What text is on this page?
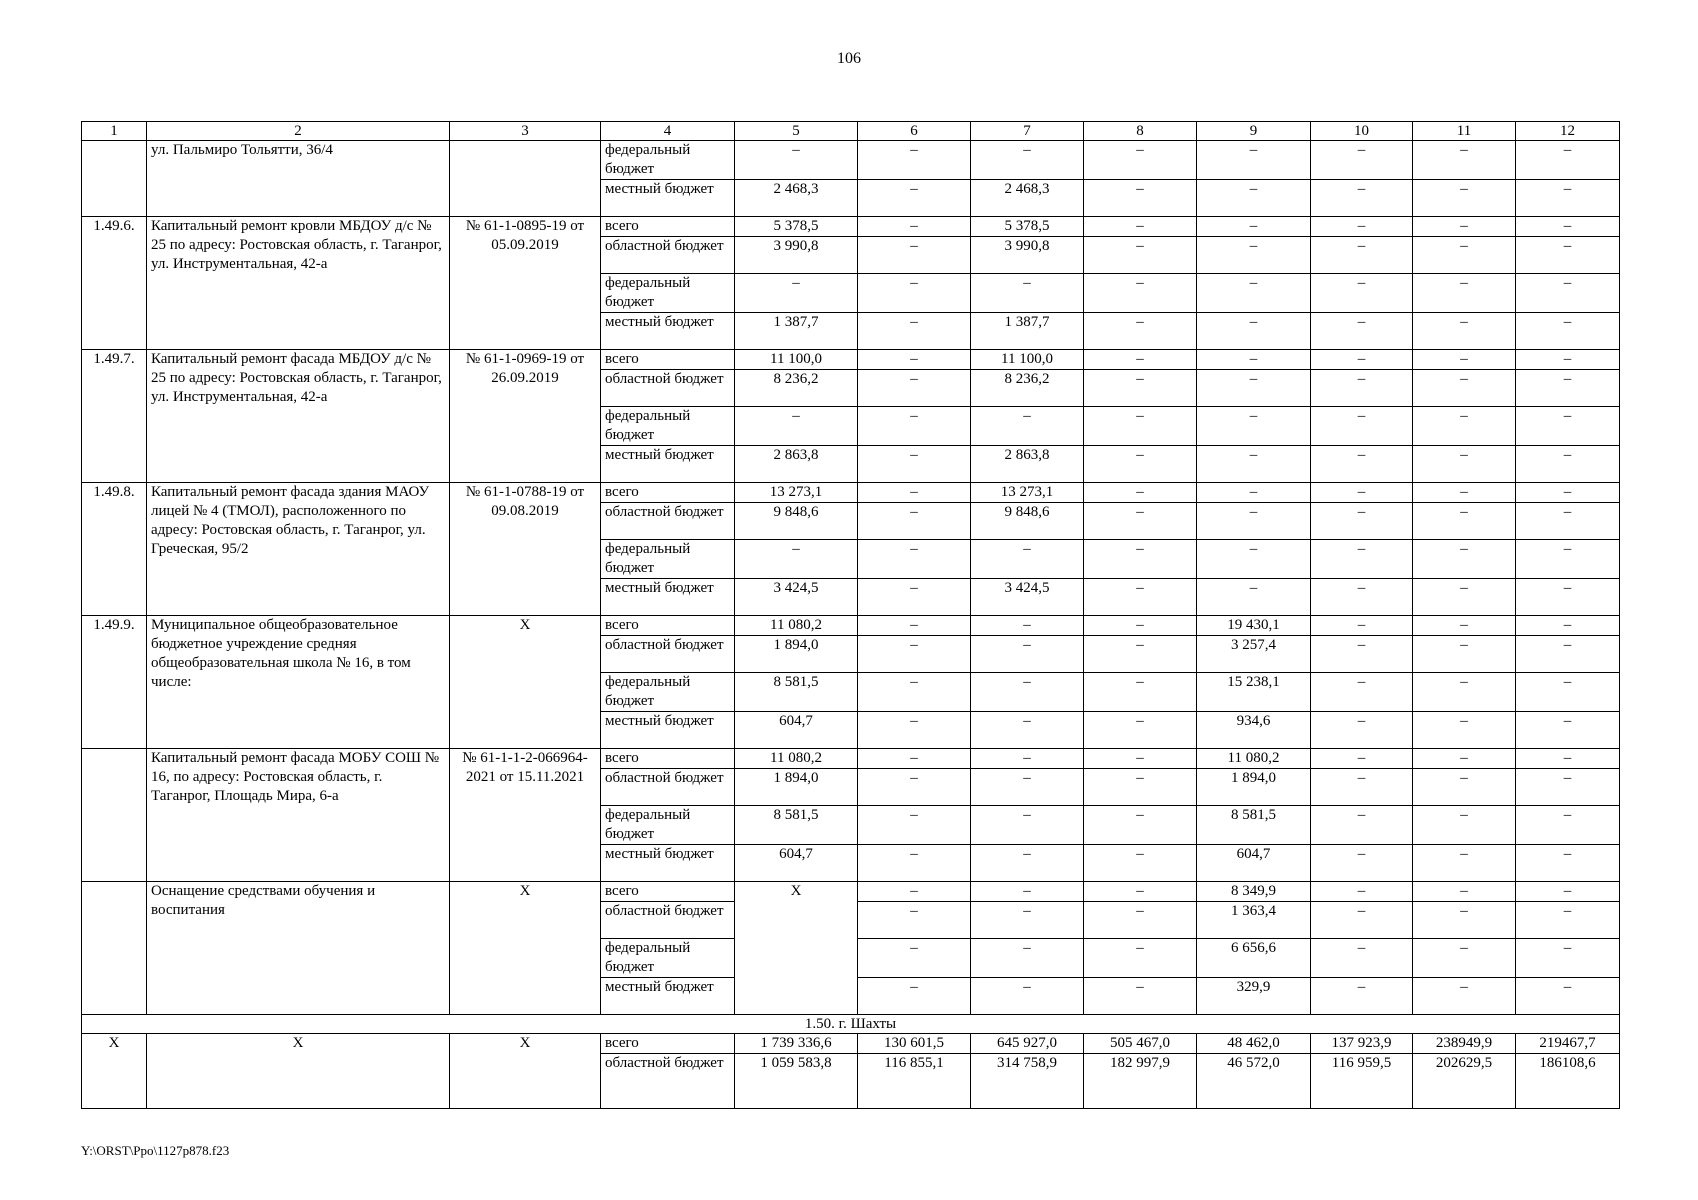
106
1	2	3	4	5	6	7	8	9	10	11	12
	ул. Пальмиро Тольятти, 36/4		федеральный бюджет	–	–	–	–	–	–	–	–
			местный бюджет	2 468,3	–	2 468,3	–	–	–	–	–
1.49.6.	Капитальный ремонт кровли МБДОУ д/с № 25 по адресу: Ростовская область, г. Таганрог, ул. Инструментальная, 42-а	№ 61-1-0895-19 от 05.09.2019	всего	5 378,5	–	5 378,5	–	–	–	–	–
			областной бюджет	3 990,8	–	3 990,8	–	–	–	–	–
			федеральный бюджет	–	–	–	–	–	–	–	–
			местный бюджет	1 387,7	–	1 387,7	–	–	–	–	–
1.49.7.	Капитальный ремонт фасада МБДОУ д/с № 25 по адресу: Ростовская область, г. Таганрог, ул. Инструментальная, 42-а	№ 61-1-0969-19 от 26.09.2019	всего	11 100,0	–	11 100,0	–	–	–	–	–
			областной бюджет	8 236,2	–	8 236,2	–	–	–	–	–
			федеральный бюджет	–	–	–	–	–	–	–	–
			местный бюджет	2 863,8	–	2 863,8	–	–	–	–	–
1.49.8.	Капитальный ремонт фасада здания МАОУ лицей № 4 (ТМОЛ), расположенного по адресу: Ростовская область, г. Таганрог, ул. Греческая, 95/2	№ 61-1-0788-19 от 09.08.2019	всего	13 273,1	–	13 273,1	–	–	–	–	–
			областной бюджет	9 848,6	–	9 848,6	–	–	–	–	–
			федеральный бюджет	–	–	–	–	–	–	–	–
			местный бюджет	3 424,5	–	3 424,5	–	–	–	–	–
1.49.9.	Муниципальное общеобразовательное бюджетное учреждение средняя общеобразовательная школа № 16, в том числе:	Х	всего	11 080,2	–	–	–	19 430,1	–	–	–
			областной бюджет	1 894,0	–	–	–	3 257,4	–	–	–
			федеральный бюджет	8 581,5	–	–	–	15 238,1	–	–	–
			местный бюджет	604,7	–	–	–	934,6	–	–	–
	Капитальный ремонт фасада МОБУ СОШ № 16, по адресу: Ростовская область, г. Таганрог, Площадь Мира, 6-а	№ 61-1-1-2-066964-2021 от 15.11.2021	всего	11 080,2	–	–	–	11 080,2	–	–	–
			областной бюджет	1 894,0	–	–	–	1 894,0	–	–	–
			федеральный бюджет	8 581,5	–	–	–	8 581,5	–	–	–
			местный бюджет	604,7	–	–	–	604,7	–	–	–
	Оснащение средствами обучения и воспитания	Х	всего	Х	–	–	–	8 349,9	–	–	–
			областной бюджет		–	–	–	1 363,4	–	–	–
			федеральный бюджет		–	–	–	6 656,6	–	–	–
			местный бюджет		–	–	–	329,9	–	–	–
1.50. г. Шахты											
Х	Х	Х	всего	1 739 336,6	130 601,5	645 927,0	505 467,0	48 462,0	137 923,9	238949,9	219467,7
			областной бюджет	1 059 583,8	116 855,1	314 758,9	182 997,9	46 572,0	116 959,5	202629,5	186108,6
Y:\ORST\Ppo\1127p878.f23
